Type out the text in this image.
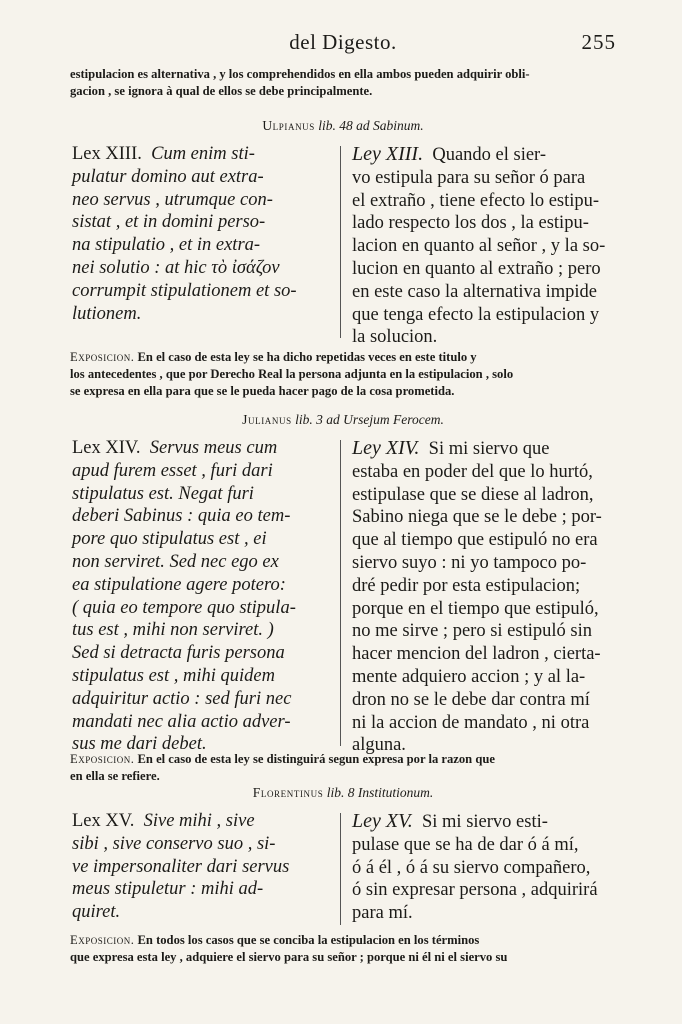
del Digesto.	255
estipulacion es alternativa , y los comprehendidos en ella ambos pueden adquirir obli-
gacion , se ignora à qual de ellos se debe principalmente.
Ulpianus lib. 48 ad Sabinum.
Lex XIII. Cum enim sti-
pulatur domino aut extra-
neo servus , utrumque con-
sistat , et in domini perso-
na stipulatio , et in extra-
nei solutio : at hic τὸ ἰσάζον
corrumpit stipulationem et so-
lutionem.
Ley XIII. Quando el sier-
vo estipula para su señor ó para
el extraño , tiene efecto lo estipu-
lado respecto los dos , la estipu-
lacion en quanto al señor , y la so-
lucion en quanto al extraño ; pero
en este caso la alternativa impide
que tenga efecto la estipulacion y
la solucion.
Exposicion. En el caso de esta ley se ha dicho repetidas veces en este titulo y
los antecedentes , que por Derecho Real la persona adjunta en la estipulacion , solo
se expresa en ella para que se le pueda hacer pago de la cosa prometida.
Julianus lib. 3 ad Ursejum Ferocem.
Lex XIV. Servus meus cum
apud furem esset , furi dari
stipulatus est. Negat furi
deberi Sabinus : quia eo tem-
pore quo stipulatus est , ei
non serviret. Sed nec ego ex
ea stipulatione agere potero:
( quia eo tempore quo stipula-
tus est , mihi non serviret. )
Sed si detracta furis persona
stipulatus est , mihi quidem
adquiritur actio : sed furi nec
mandati nec alia actio adver-
sus me dari debet.
Ley XIV. Si mi siervo que
estaba en poder del que lo hurtó,
estipulase que se diese al ladron,
Sabino niega que se le debe ; por-
que al tiempo que estipuló no era
siervo suyo : ni yo tampoco po-
dré pedir por esta estipulacion;
porque en el tiempo que estipuló,
no me sirve ; pero si estipuló sin
hacer mencion del ladron , cierta-
mente adquiero accion ; y al la-
dron no se le debe dar contra mí
ni la accion de mandato , ni otra
alguna.
Exposicion. En el caso de esta ley se distinguirá segun expresa por la razon que
en ella se refiere.
Florentinus lib. 8 Institutionum.
Lex XV. Sive mihi , sive
sibi , sive conservo suo , si-
ve impersonaliter dari servus
meus stipuletur : mihi ad-
quiret.
Ley XV. Si mi siervo esti-
pulase que se ha de dar ó á mí,
ó á él , ó á su siervo compañero,
ó sin expresar persona , adquirirá
para mí.
Exposicion. En todos los casos que se conciba la estipulacion en los términos
que expresa esta ley , adquiere el siervo para su señor ; porque ni él ni el siervo su
